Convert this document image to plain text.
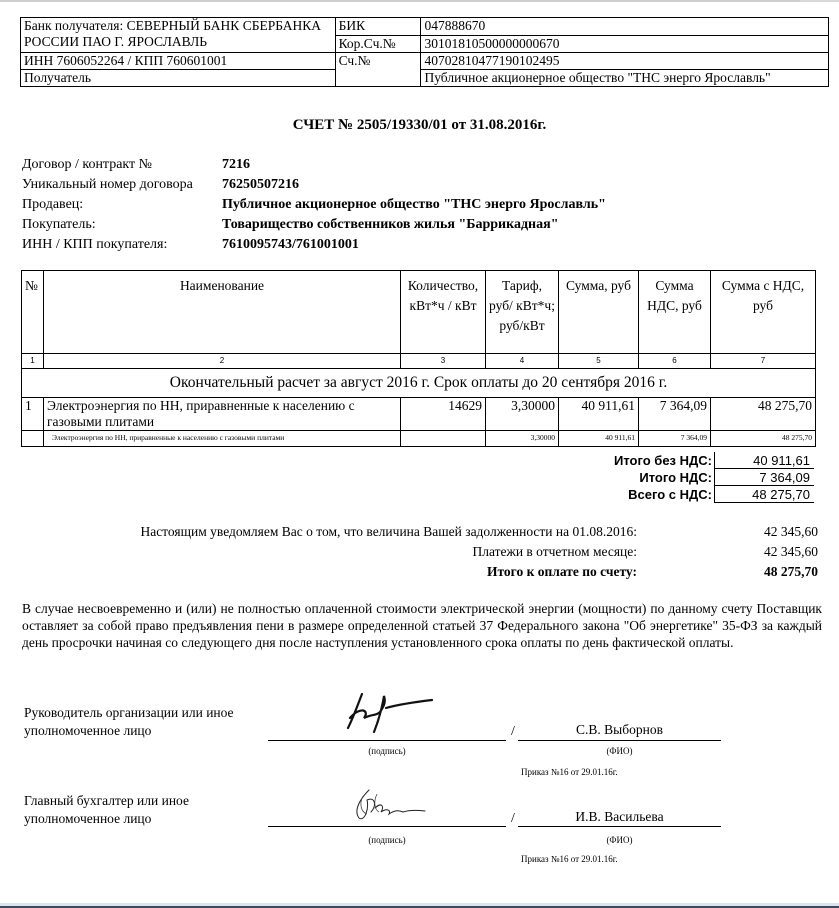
Банк получателя: СЕВЕРНЫЙ БАНК СБЕРБАНКА РОССИИ ПАО Г. ЯРОСЛАВЛЬ	БИК	047888670
	Кор.Сч.№	30101810500000000670
ИНН 7606052264 / КПП 760601001	Сч.№	40702810477190102495
Получатель		Публичное акционерное общество "ТНС энерго Ярославль"
СЧЕТ № 2505/19330/01 от 31.08.2016г.
Договор / контракт №	7216
Уникальный номер договора 76250507216
Продавец:	Публичное акционерное общество "ТНС энерго Ярославль"
Покупатель:	Товарищество собственников жилья "Баррикадная"
ИНН / КПП покупателя:	7610095743/761001001
№	Наименование	Количество, кВт*ч / кВт	Тариф, руб/ кВт*ч; руб/кВт	Сумма, руб	Сумма НДС, руб	Сумма с НДС, руб
1	2	3	4	5	6	7
Окончательный расчет за август 2016 г. Срок оплаты до 20 сентября 2016 г.						
1	Электроэнергия по НН, приравненные к населению с газовыми плитами	14629	3,30000	40 911,61	7 364,09	48 275,70
	Электроэнергия по НН, приравненные к населению с газовыми плитами		3,30000	40 911,61	7 364,09	48 275,70
Итого без НДС:	40 911,61
Итого НДС:	7 364,09
Всего с НДС:	48 275,70
Настоящим уведомляем Вас о том, что величина Вашей задолженности на 01.08.2016:	42 345,60
Платежи в отчетном месяце:	42 345,60
Итого к оплате по счету:	48 275,70
В случае несвоевременно и (или) не полностью оплаченной стоимости электрической энергии (мощности) по данному счету Поставщик оставляет за собой право предъявления пени в размере определенной статьей 37 Федерального закона "Об энергетике" 35-ФЗ за каждый день просрочки начиная со следующего дня после наступления установленного срока оплаты по день фактической оплаты.
Руководитель организации или иное
уполномоченное лицо
(подпись)
/	С.В. Выборнов
(ФИО)
Приказ №16 от 29.01.16г.
Главный бухгалтер или иное
уполномоченное лицо
(подпись)
/	И.В. Васильева
(ФИО)
Приказ №16 от 29.01.16г.
